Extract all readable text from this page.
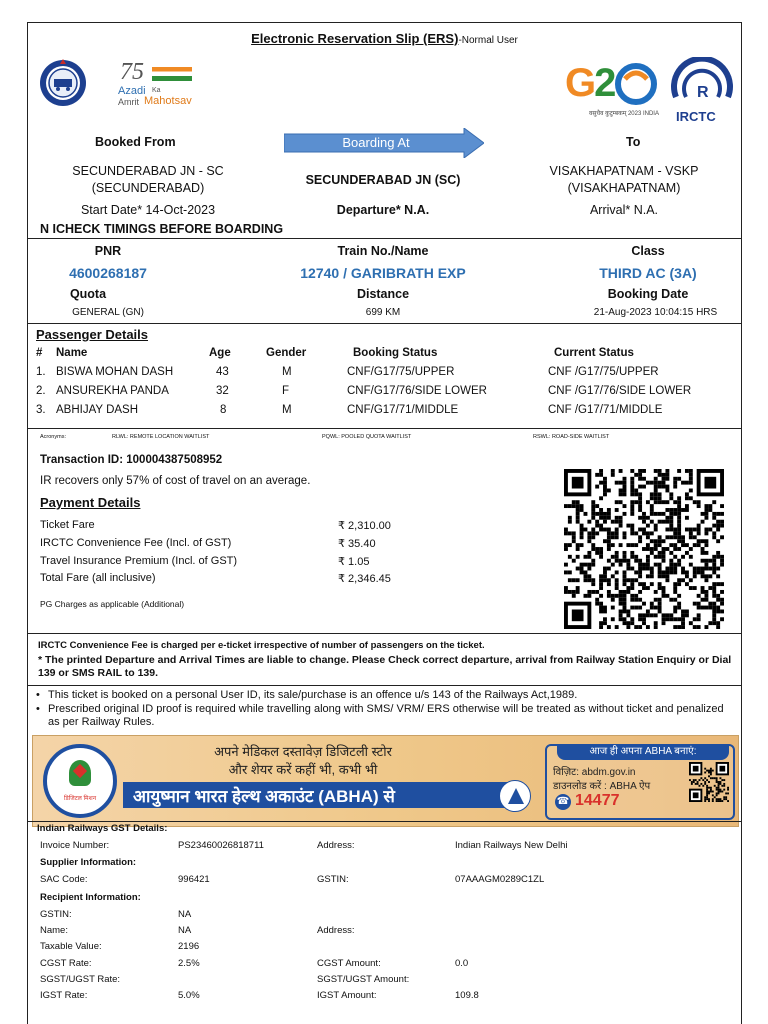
Electronic Reservation Slip (ERS)-Normal User
75
Azadi Ka
Amrit Mahotsav	G2
वसुधैव कुटुम्बकम् 2023 INDIA
R
IRCTC
Booked From	Boarding At	To
SECUNDERABAD JN - SC
(SECUNDERABAD)
Start Date* 14-Oct-2023
SECUNDERABAD JN (SC)
Departure* N.A.
VISAKHAPATNAM - VSKP
(VISAKHAPATNAM)
Arrival* N.A.
N ICHECK TIMINGS BEFORE BOARDING
PNR
4600268187
Quota
GENERAL (GN)
Train No./Name
12740 / GARIBRATH EXP
Distance
699 KM
Class
THIRD AC (3A)
Booking Date
21-Aug-2023 10:04:15 HRS
Passenger Details
# Name	Age	Gender	Booking Status	Current Status
1. BISWA MOHAN DASH	43	M	CNF/G17/75/UPPER	CNF /G17/75/UPPER
2. ANSUREKHA PANDA	32	F	CNF/G17/76/SIDE LOWER	CNF /G17/76/SIDE LOWER
3. ABHIJAY DASH	8	M	CNF/G17/71/MIDDLE	CNF /G17/71/MIDDLE
Acronyms:	RLWL: REMOTE LOCATION WAITLIST	PQWL: POOLED QUOTA WAITLIST	RSWL: ROAD-SIDE WAITLIST
Transaction ID: 100004387508952
IR recovers only 57% of cost of travel on an average.
Payment Details
Ticket Fare	₹ 2,310.00
IRCTC Convenience Fee (Incl. of GST)	₹ 35.40
Travel Insurance Premium (Incl. of GST)	₹ 1.05
Total Fare (all inclusive)	₹ 2,346.45
PG Charges as applicable (Additional)
IRCTC Convenience Fee is charged per e-ticket irrespective of number of passengers on the ticket.
* The printed Departure and Arrival Times are liable to change. Please Check correct departure, arrival from Railway Station Enquiry or Dial 139 or SMS RAIL to 139.
• This ticket is booked on a personal User ID, its sale/purchase is an offence u/s 143 of the Railways Act,1989.
• Prescribed original ID proof is required while travelling along with SMS/ VRM/ ERS otherwise will be treated as without ticket and penalized as per Railway Rules.
डिजिटल मिशन
अपने मेडिकल दस्तावेज़ डिजिटली स्टोर
और शेयर करें कहीं भी, कभी भी
आयुष्मान भारत हेल्थ अकाउंट (ABHA) से
आज ही अपना ABHA बनाएं:
विज़िट: abdm.gov.in
डाउनलोड करें : ABHA ऐप
☎ 14477
Indian Railways GST Details:
Invoice Number:	PS23460026818711	Address:	Indian Railways New Delhi
Supplier Information:
SAC Code:	996421	GSTIN:	07AAAGM0289C1ZL
Recipient Information:
GSTIN:	NA
Name:	NA	Address:
Taxable Value:	2196
CGST Rate:	2.5%	CGST Amount:	0.0
SGST/UGST Rate:	SGST/UGST Amount:
IGST Rate:	5.0%	IGST Amount:	109.8
